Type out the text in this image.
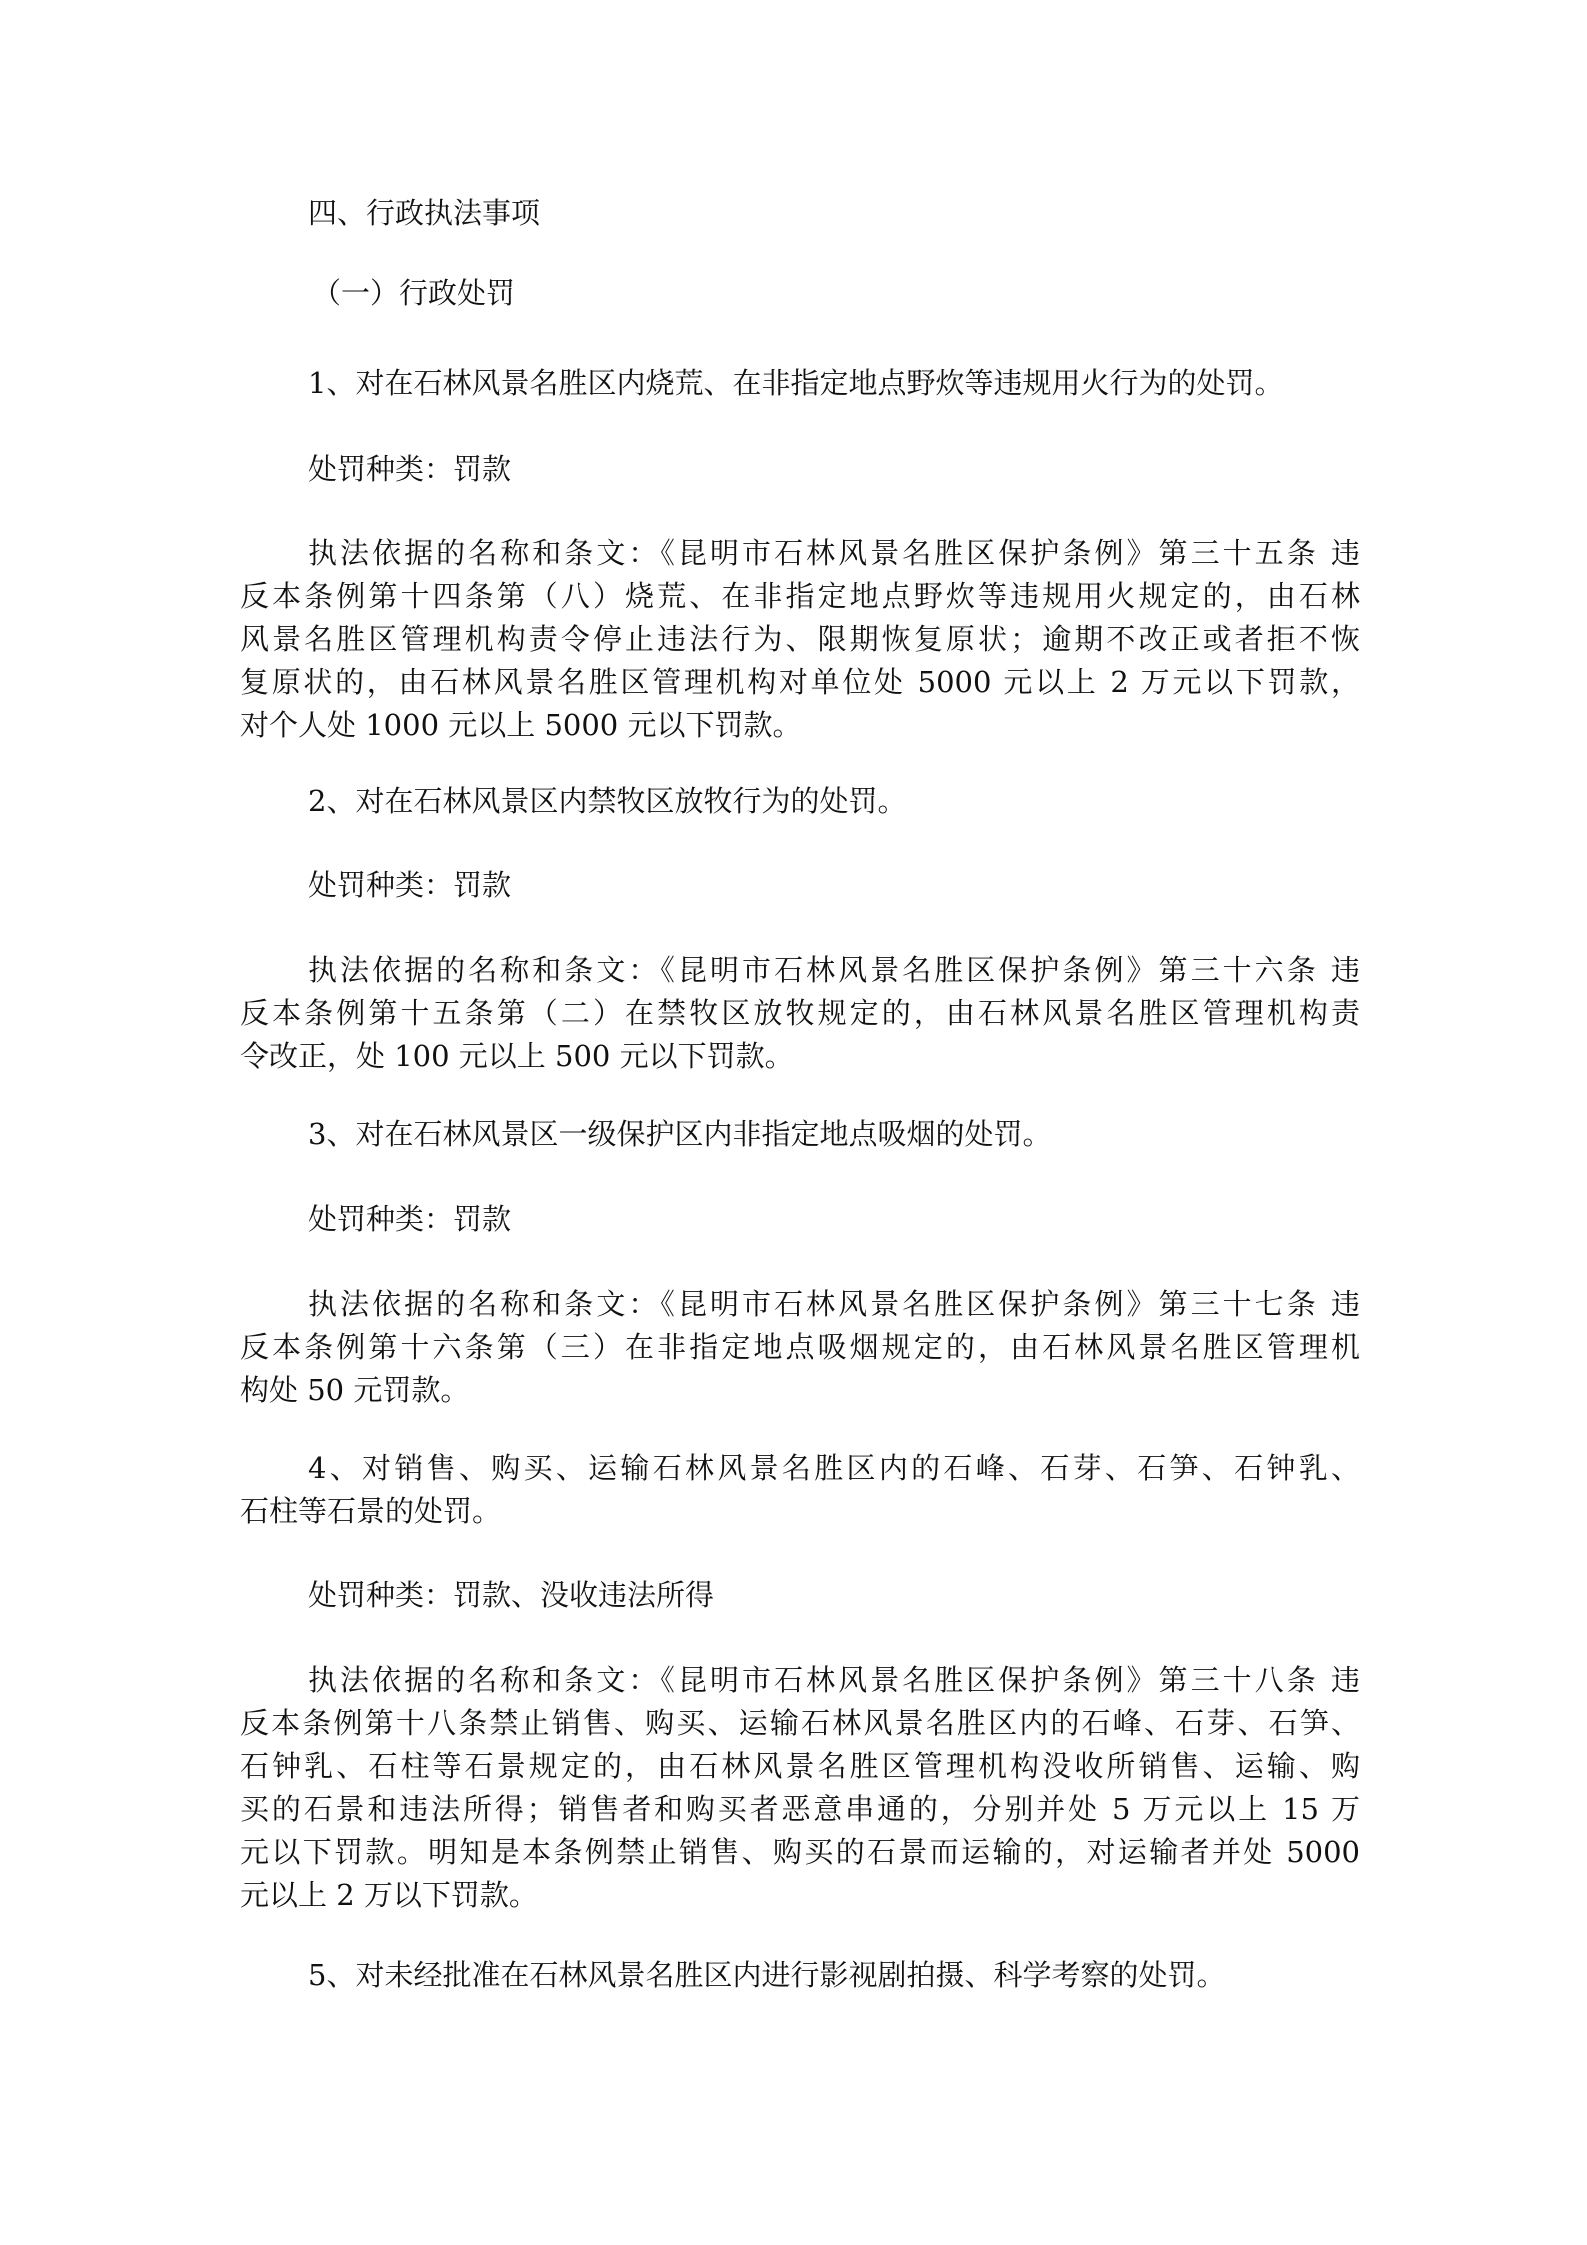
四、行政执法事项
（一）行政处罚
1、对在石林风景名胜区内烧荒、在非指定地点野炊等违规用火行为的处罚。
处罚种类：罚款
执法依据的名称和条文：《昆明市石林风景名胜区保护条例》第三十五条 违
反本条例第十四条第（八）烧荒、在非指定地点野炊等违规用火规定的，由石林
风景名胜区管理机构责令停止违法行为、限期恢复原状；逾期不改正或者拒不恢
复原状的，由石林风景名胜区管理机构对单位处 5000 元以上 2 万元以下罚款，
对个人处 1000 元以上 5000 元以下罚款。
2、对在石林风景区内禁牧区放牧行为的处罚。
处罚种类：罚款
执法依据的名称和条文：《昆明市石林风景名胜区保护条例》第三十六条 违
反本条例第十五条第（二）在禁牧区放牧规定的，由石林风景名胜区管理机构责
令改正，处 100 元以上 500 元以下罚款。
3、对在石林风景区一级保护区内非指定地点吸烟的处罚。
处罚种类：罚款
执法依据的名称和条文：《昆明市石林风景名胜区保护条例》第三十七条 违
反本条例第十六条第（三）在非指定地点吸烟规定的，由石林风景名胜区管理机
构处 50 元罚款。
4、对销售、购买、运输石林风景名胜区内的石峰、石芽、石笋、石钟乳、
石柱等石景的处罚。
处罚种类：罚款、没收违法所得
执法依据的名称和条文：《昆明市石林风景名胜区保护条例》第三十八条 违
反本条例第十八条禁止销售、购买、运输石林风景名胜区内的石峰、石芽、石笋、
石钟乳、石柱等石景规定的，由石林风景名胜区管理机构没收所销售、运输、购
买的石景和违法所得；销售者和购买者恶意串通的，分别并处 5 万元以上 15 万
元以下罚款。明知是本条例禁止销售、购买的石景而运输的，对运输者并处 5000
元以上 2 万以下罚款。
5、对未经批准在石林风景名胜区内进行影视剧拍摄、科学考察的处罚。
